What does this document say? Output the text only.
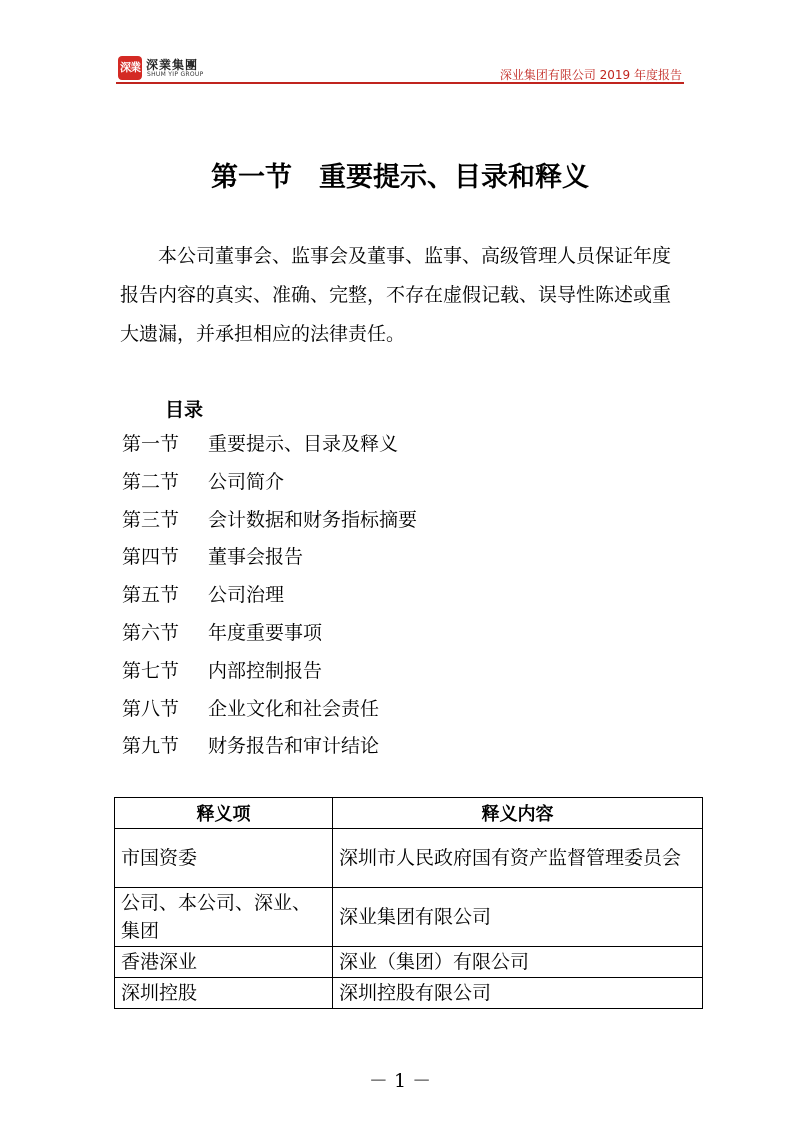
深業 深業集團
SHUM YIP GROUP	深业集团有限公司 2019 年度报告
第一节　重要提示、目录和释义

本公司董事会、监事会及董事、监事、高级管理人员保证年度报告内容的真实、准确、完整，不存在虚假记载、误导性陈述或重大遗漏，并承担相应的法律责任。

目录
第一节 重要提示、目录及释义
第二节 公司简介
第三节 会计数据和财务指标摘要
第四节 董事会报告
第五节 公司治理
第六节 年度重要事项
第七节 内部控制报告
第八节 企业文化和社会责任
第九节 财务报告和审计结论
释义项	释义内容
市国资委	深圳市人民政府国有资产监督管理委员会
公司、本公司、深业、集团	深业集团有限公司
香港深业	深业（集团）有限公司
深圳控股	深圳控股有限公司
－ 1 －
